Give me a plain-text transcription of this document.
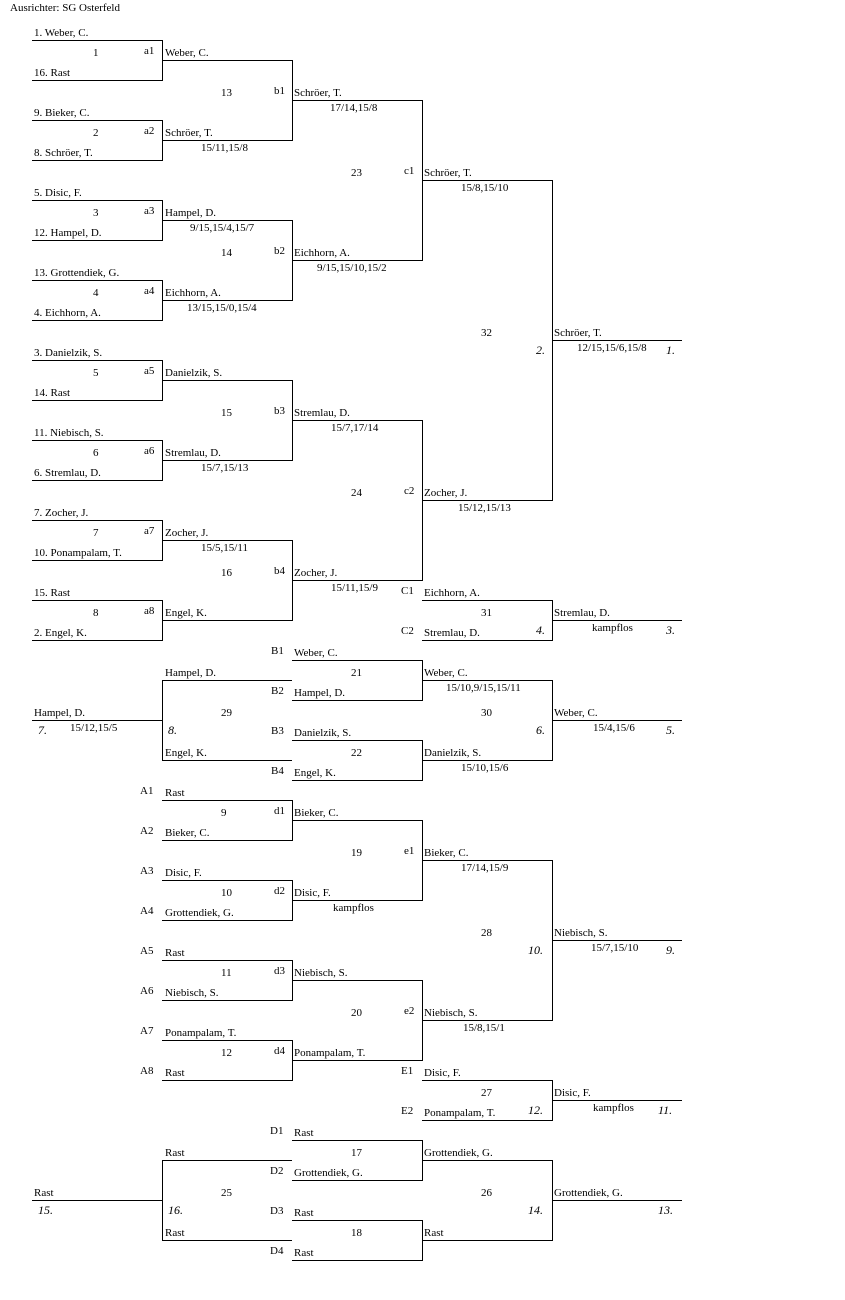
Ausrichter: SG Osterfeld
1. Weber, C.
1	a1
16. Rast
Weber, C.
13	b1 Schröer, T.
17/14,15/8
9. Bieker, C.
2	a2 Schröer, T.
8. Schröer, T.	15/11,15/8
23	c1 Schröer, T.
15/8,15/10
5. Disic, F.
3	a3 Hampel, D.
9/15,15/4,15/7
12. Hampel, D.
14	b2 Eichhorn, A.
9/15,15/10,15/2
13. Grottendiek, G.
4	a4 Eichhorn, A.
13/15,15/0,15/4
4. Eichhorn, A.
32	Schröer, T.
2.	12/15,15/6,15/8 1.
3. Danielzik, S.
5	a5 Danielzik, S.
14. Rast
15	b3 Stremlau, D.
15/7,17/14
11. Niebisch, S.
6	a6 Stremlau, D.
15/7,15/13
6. Stremlau, D.
24	c2 Zocher, J.
15/12,15/13
7. Zocher, J.
7	a7 Zocher, J.
15/5,15/11
10. Ponampalam, T.
16	b4 Zocher, J.
15/11,15/9
15. Rast	C1 Eichhorn, A.
8	a8 Engel, K.	31	Stremlau, D.
kampflos
2. Engel, K.	C2 Stremlau, D.	4.	3.
B1 Weber, C.
Hampel, D.	21	Weber, C.
15/10,9/15,15/11
B2 Hampel, D.
Hampel, D.	29	30	Weber, C.
7. 15/12,15/5	8.	6.	15/4,15/6	5.
Engel, K.
B3 Danielzik, S.
22	Danielzik, S.
15/10,15/6
B4 Engel, K.
A1 Rast
9	d1 Bieker, C.
A2 Bieker, C.
19	e1 Bieker, C.
17/14,15/9
A3 Disic, F.
10	d2 Disic, F.
kampflos
A4 Grottendiek, G.
28	Niebisch, S.
15/7,15/10
10.	9.
A5 Rast
11	d3 Niebisch, S.
A6 Niebisch, S.
20	e2 Niebisch, S.
15/8,15/1
A7 Ponampalam, T.
12	d4 Ponampalam, T.
A8 Rast	E1 Disic, F.
27	Disic, F.
kampflos
E2 Ponampalam, T.	12.	11.
D1 Rast
Rast	17	Grottendiek, G.
D2 Grottendiek, G.
Rast	25	26	Grottendiek, G.
15.	16.	14.	13.
D3 Rast
Rast	18	Rast
D4 Rast
